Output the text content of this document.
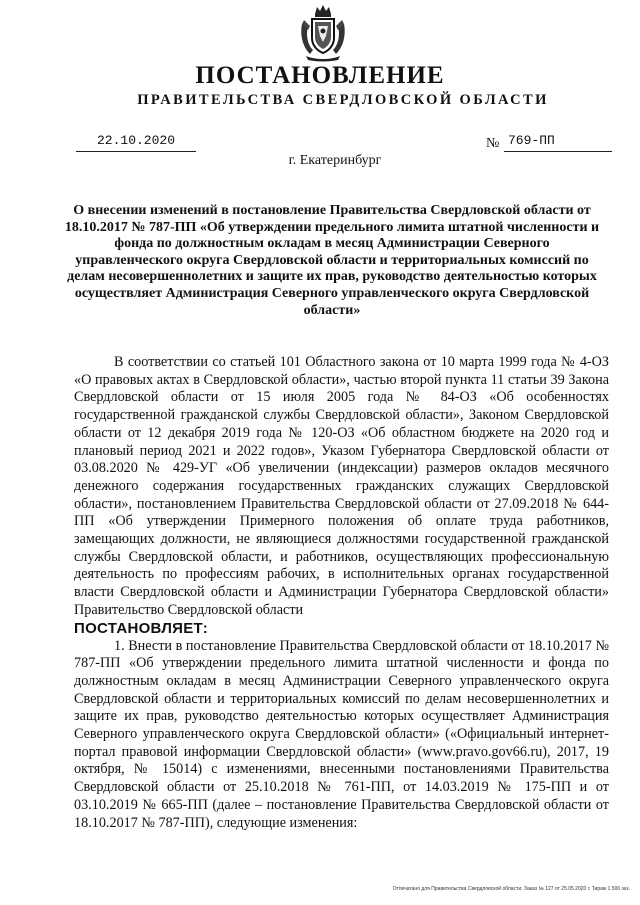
ПОСТАНОВЛЕНИЕ
ПРАВИТЕЛЬСТВА СВЕРДЛОВСКОЙ ОБЛАСТИ
22.10.2020	№ 769-ПП
г. Екатеринбург

О внесении изменений в постановление Правительства Свердловской области от 18.10.2017 № 787-ПП «Об утверждении предельного лимита штатной численности и фонда по должностным окладам в месяц Администрации Северного управленческого округа Свердловской области и территориальных комиссий по делам несовершеннолетних и защите их прав, руководство деятельностью которых осуществляет Администрация Северного управленческого округа Свердловской области»

В соответствии со статьей 101 Областного закона от 10 марта 1999 года № 4-ОЗ «О правовых актах в Свердловской области», частью второй пункта 11 статьи 39 Закона Свердловской области от 15 июля 2005 года № 84-ОЗ «Об особенностях государственной гражданской службы Свердловской области», Законом Свердловской области от 12 декабря 2019 года № 120-ОЗ «Об областном бюджете на 2020 год и плановый период 2021 и 2022 годов», Указом Губернатора Свердловской области от 03.08.2020 № 429-УГ «Об увеличении (индексации) размеров окладов месячного денежного содержания государственных гражданских служащих Свердловской области», постановлением Правительства Свердловской области от 27.09.2018 № 644-ПП «Об утверждении Примерного положения об оплате труда работников, замещающих должности, не являющиеся должностями государственной гражданской службы Свердловской области, и работников, осуществляющих профессиональную деятельность по профессиям рабочих, в исполнительных органах государственной власти Свердловской области и Администрации Губернатора Свердловской области» Правительство Свердловской области

ПОСТАНОВЛЯЕТ:

1. Внести в постановление Правительства Свердловской области от 18.10.2017 № 787-ПП «Об утверждении предельного лимита штатной численности и фонда по должностным окладам в месяц Администрации Северного управленческого округа Свердловской области и территориальных комиссий по делам несовершеннолетних и защите их прав, руководство деятельностью которых осуществляет Администрация Северного управленческого округа Свердловской области» («Официальный интернет-портал правовой информации Свердловской области» (www.pravo.gov66.ru), 2017, 19 октября, № 15014) с изменениями, внесенными постановлениями Правительства Свердловской области от 25.10.2018 № 761-ПП, от 14.03.2019 № 175-ПП и от 03.10.2019 № 665-ПП (далее – постановление Правительства Свердловской области от 18.10.2017 № 787-ПП), следующие изменения:

Отпечатано для Правительства Свердловской области. Заказ № 127 от 25.05.2020 г. Тираж 1 500 экз.
